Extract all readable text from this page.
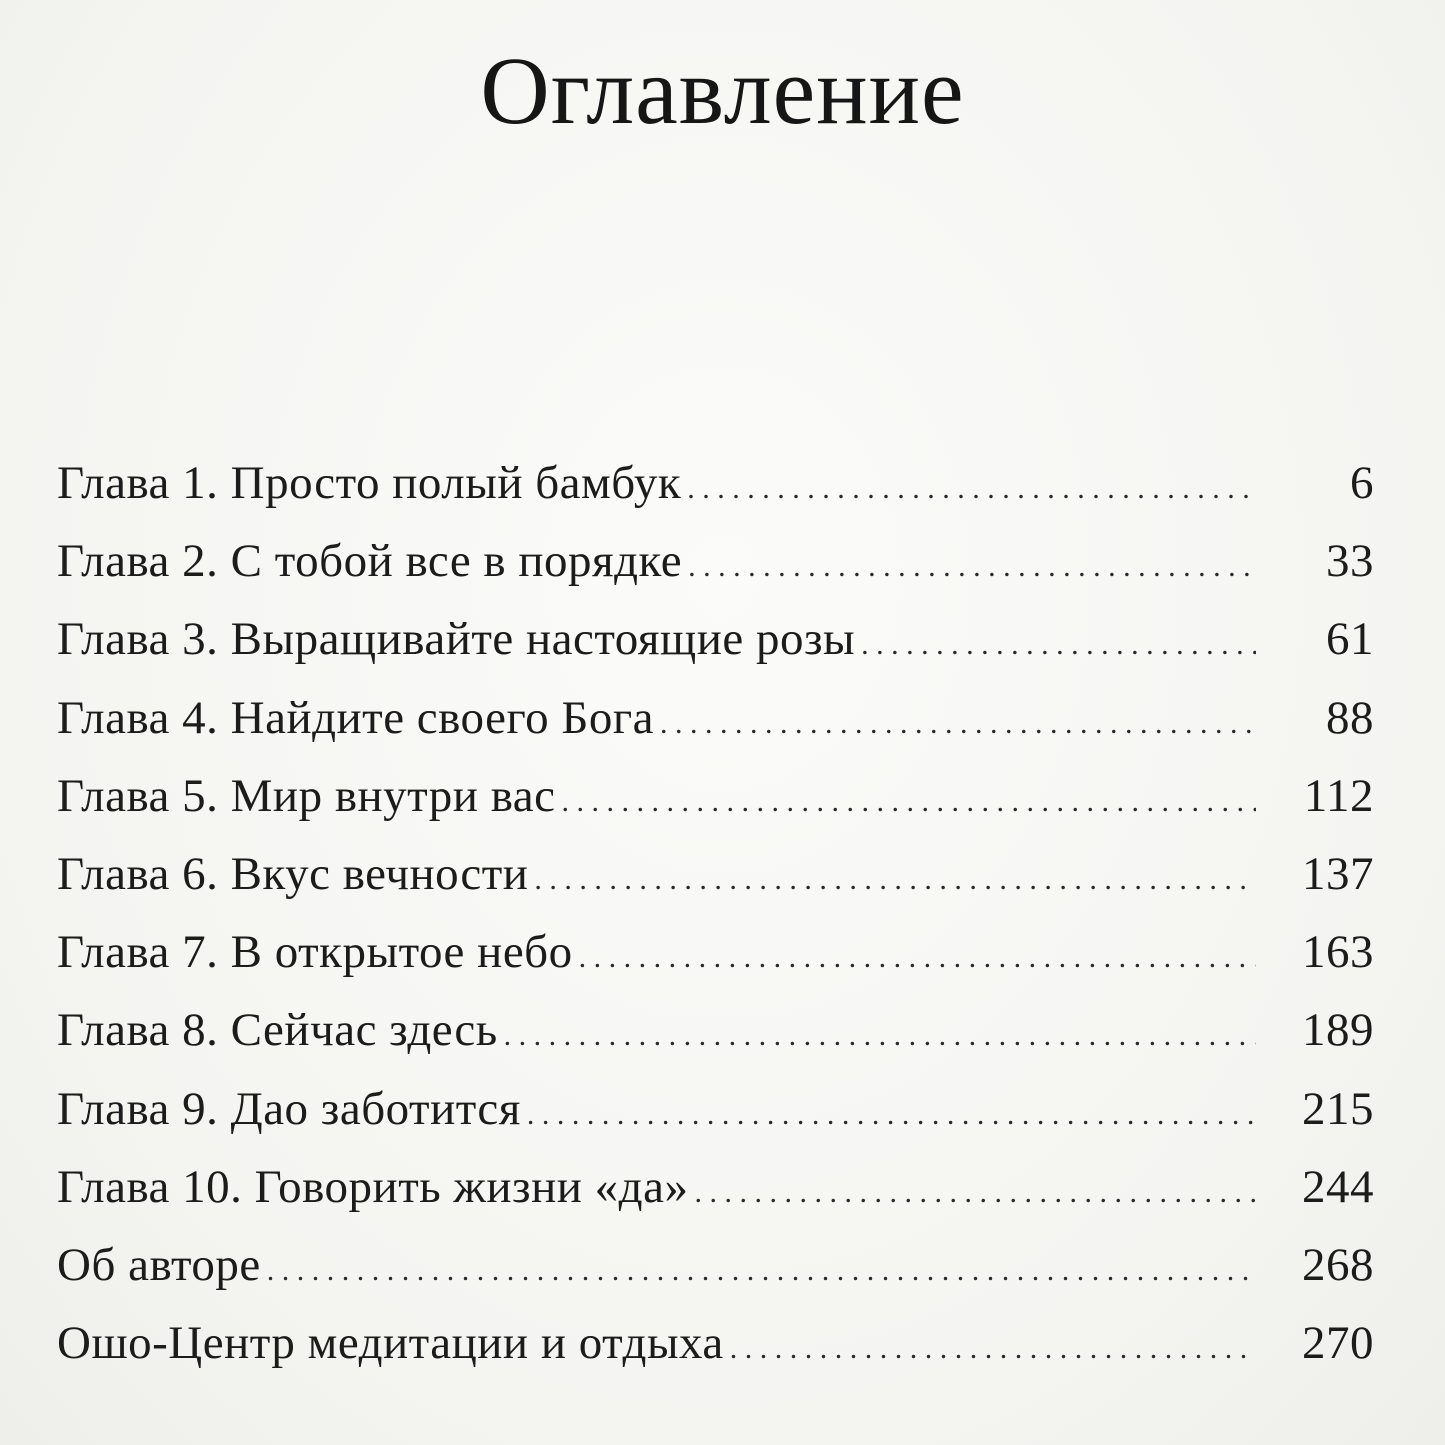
Оглавление
Глава 1. Просто полый бамбук . . .	6
Глава 2. С тобой все в порядке . . .	33
Глава 3. Выращивайте настоящие розы . . .	61
Глава 4. Найдите своего Бога . . .	88
Глава 5. Мир внутри вас . . .	112
Глава 6. Вкус вечности . . .	137
Глава 7. В открытое небо . . .	163
Глава 8. Сейчас здесь . . .	189
Глава 9. Дао заботится . . .	215
Глава 10. Говорить жизни «да» . . .	244
Об авторе . . .	268
Ошо-Центр медитации и отдыха . . .	270
